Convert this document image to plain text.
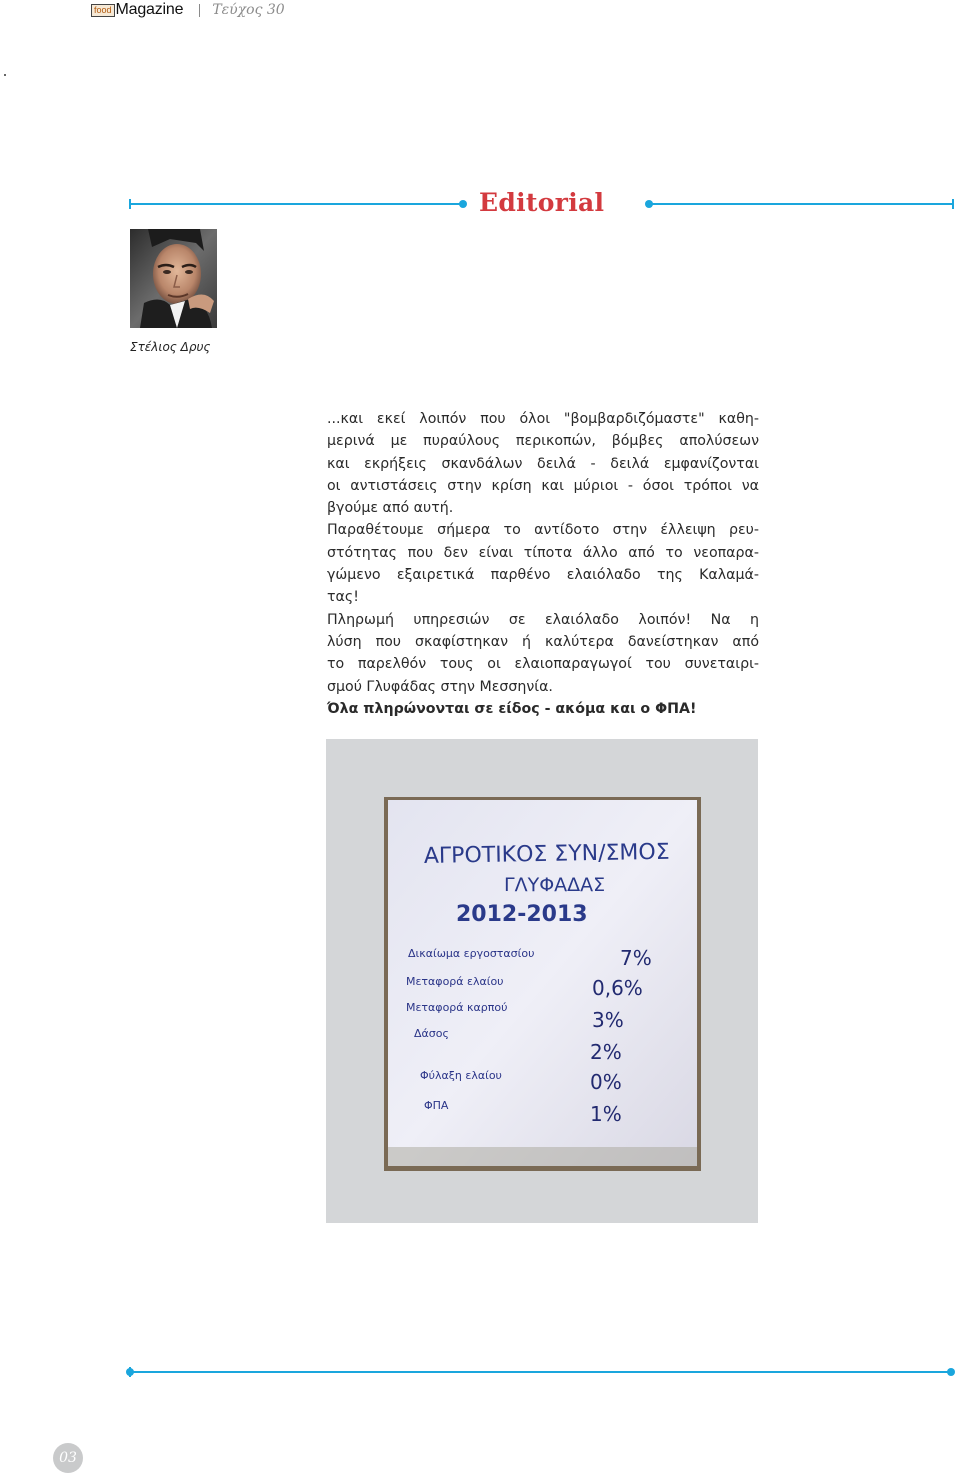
food Magazine Τεύχος 30
Editorial
Στέλιος Δρυς
...και εκεί λοιπόν που όλοι "βομβαρδιζόμαστε" καθη-
μερινά με πυραύλους περικοπών, βόμβες απολύσεων
και εκρήξεις σκανδάλων δειλά - δειλά εμφανίζονται
οι αντιστάσεις στην κρίση και μύριοι - όσοι τρόποι να
βγούμε από αυτή.
Παραθέτουμε σήμερα το αντίδοτο στην έλλειψη ρευ-
στότητας που δεν είναι τίποτα άλλο από το νεοπαρα-
γώμενο εξαιρετικά παρθένο ελαιόλαδο της Καλαμά-
τας!
Πληρωμή υπηρεσιών σε ελαιόλαδο λοιπόν! Να η
λύση που σκαφίστηκαν ή καλύτερα δανείστηκαν από
το παρελθόν τους οι ελαιοπαραγωγοί του συνεταιρι-
σμού Γλυφάδας στην Μεσσηνία.
Όλα πληρώνονται σε είδος - ακόμα και ο ΦΠΑ!
ΑΓΡΟΤΙΚΟΣ ΣΥΝ/ΣΜΟΣ
ΓΛΥΦΑΔΑΣ
2012-2013
Δικαίωμα εργοστασίου
Μεταφορά ελαίου
Μεταφορά καρπού
Δάσος
Φύλαξη ελαίου
ΦΠΑ
7%
0,6%
3%
2%
0%
1%
03
